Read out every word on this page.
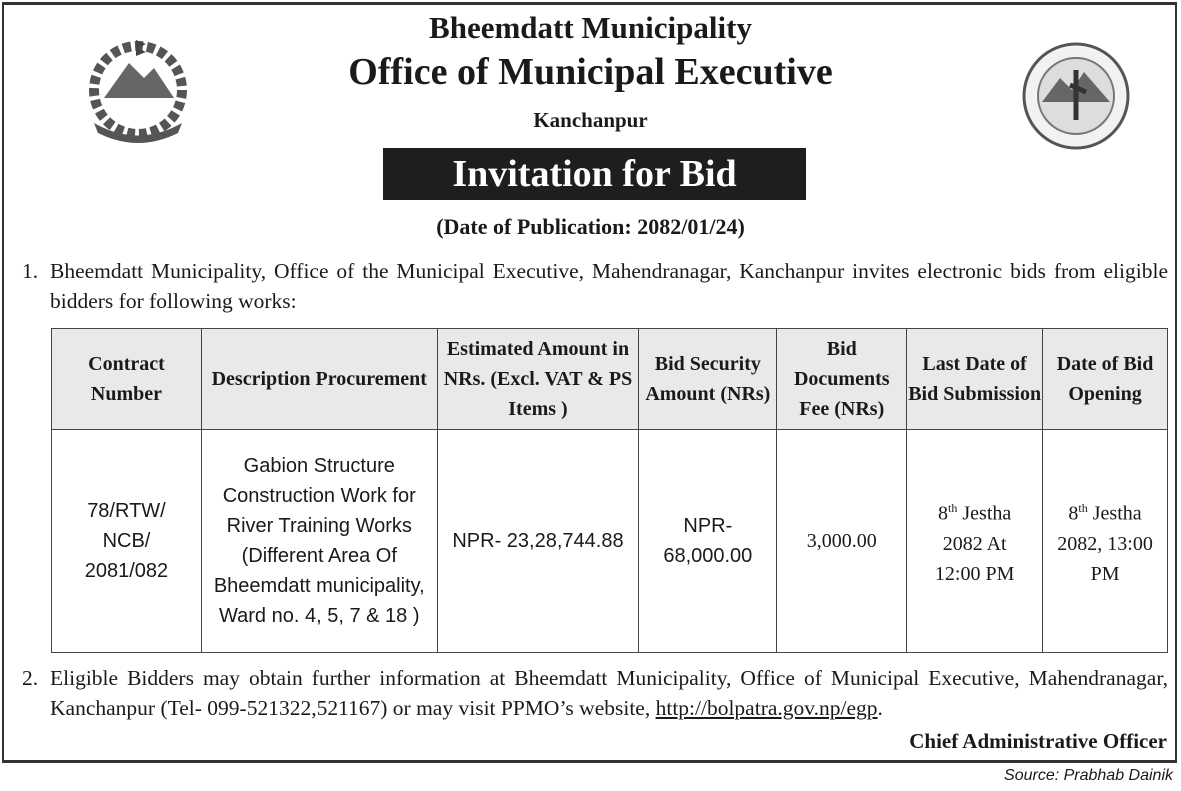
Bheemdatt Municipality
Office of Municipal Executive
Kanchanpur
Invitation for Bid
(Date of Publication: 2082/01/24)
1. Bheemdatt Municipality, Office of the Municipal Executive, Mahendranagar, Kanchanpur invites electronic bids from eligible bidders for following works:
Contract Number	Description Procurement	Estimated Amount in NRs. (Excl. VAT & PS Items )	Bid Security Amount (NRs)	Bid Documents Fee (NRs)	Last Date of Bid Submission	Date of Bid Opening
78/RTW/ NCB/ 2081/082	Gabion Structure Construction Work for River Training Works (Different Area Of Bheemdatt municipality, Ward no. 4, 5, 7 & 18 )	NPR- 23,28,744.88	NPR- 68,000.00	3,000.00	8th Jestha 2082 At 12:00 PM	8th Jestha 2082, 13:00 PM
2. Eligible Bidders may obtain further information at Bheemdatt Municipality, Office of Municipal Executive, Mahendranagar, Kanchanpur (Tel- 099-521322,521167) or may visit PPMO’s website, http://bolpatra.gov.np/egp.
Chief Administrative Officer
Source: Prabhab Dainik
